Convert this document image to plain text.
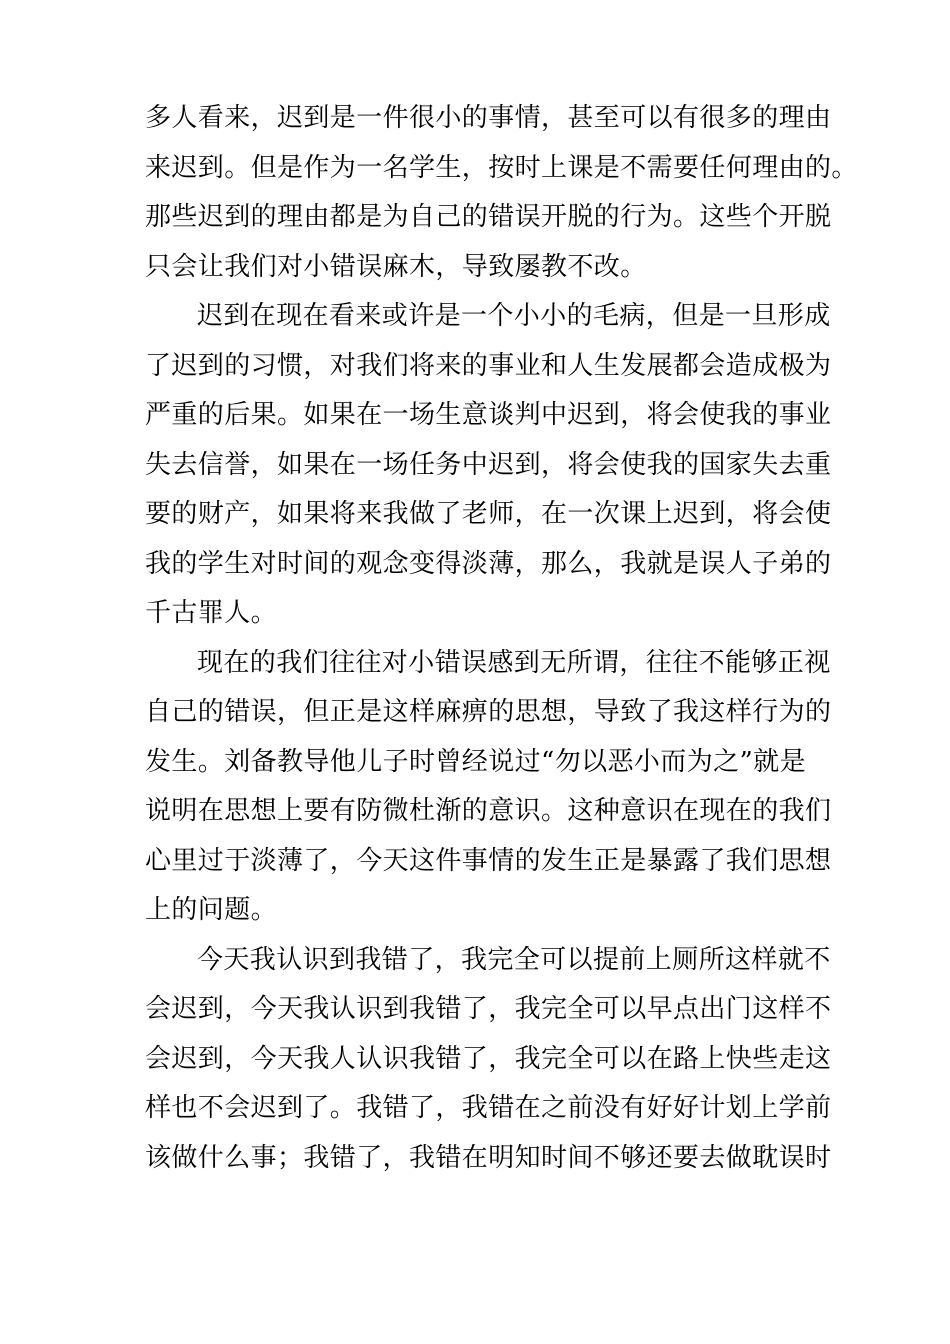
多人看来，迟到是一件很小的事情，甚至可以有很多的理由
来迟到。但是作为一名学生，按时上课是不需要任何理由的。
那些迟到的理由都是为自己的错误开脱的行为。这些个开脱
只会让我们对小错误麻木，导致屡教不改。
迟到在现在看来或许是一个小小的毛病，但是一旦形成
了迟到的习惯，对我们将来的事业和人生发展都会造成极为
严重的后果。如果在一场生意谈判中迟到，将会使我的事业
失去信誉，如果在一场任务中迟到，将会使我的国家失去重
要的财产，如果将来我做了老师，在一次课上迟到，将会使
我的学生对时间的观念变得淡薄，那么，我就是误人子弟的
千古罪人。
现在的我们往往对小错误感到无所谓，往往不能够正视
自己的错误，但正是这样麻痹的思想，导致了我这样行为的
发生。刘备教导他儿子时曾经说过“勿以恶小而为之”就是
说明在思想上要有防微杜渐的意识。这种意识在现在的我们
心里过于淡薄了，今天这件事情的发生正是暴露了我们思想
上的问题。
今天我认识到我错了，我完全可以提前上厕所这样就不
会迟到，今天我认识到我错了，我完全可以早点出门这样不
会迟到，今天我人认识我错了，我完全可以在路上快些走这
样也不会迟到了。我错了，我错在之前没有好好计划上学前
该做什么事；我错了，我错在明知时间不够还要去做耽误时
